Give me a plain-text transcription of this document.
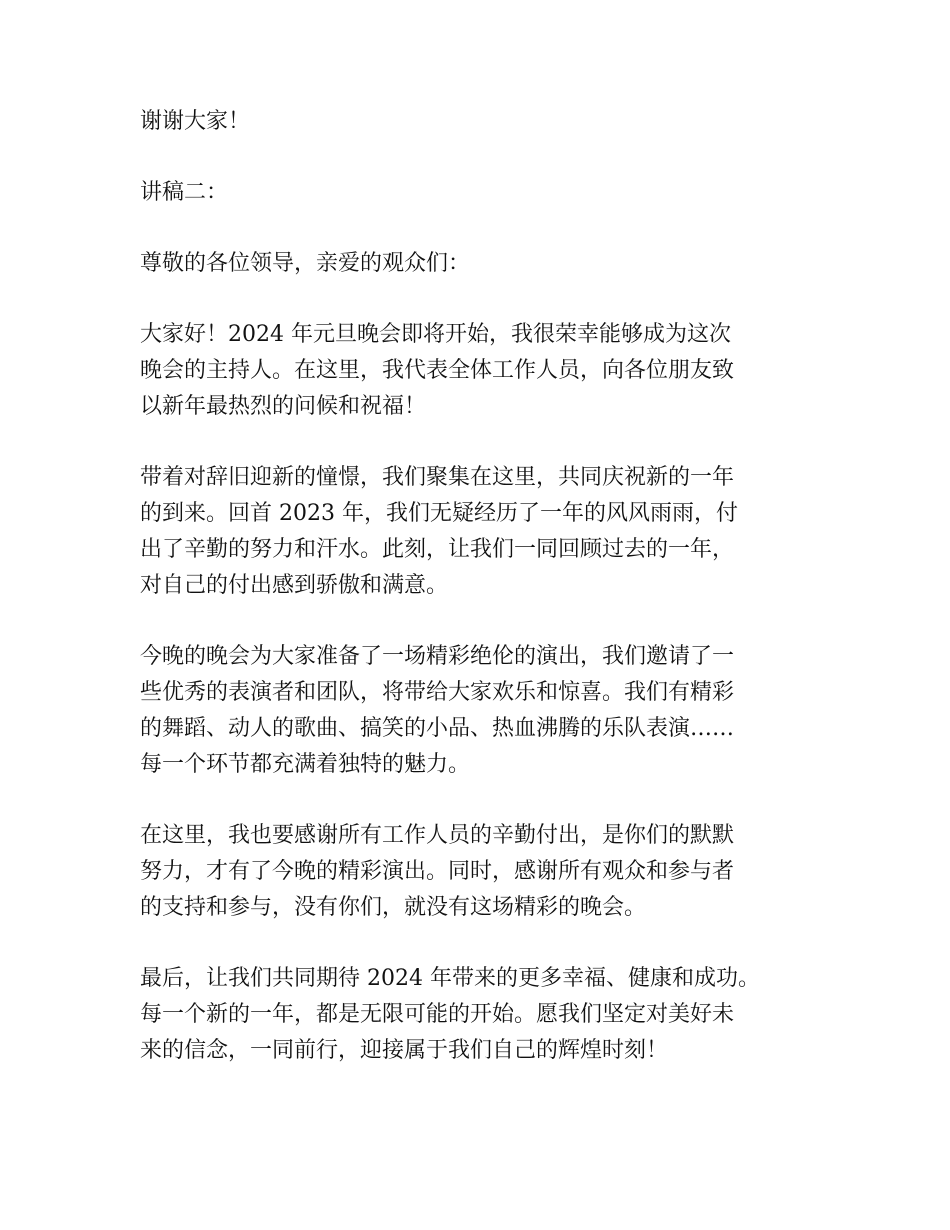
谢谢大家！
讲稿二：
尊敬的各位领导，亲爱的观众们：
大家好！2024 年元旦晚会即将开始，我很荣幸能够成为这次
晚会的主持人。在这里，我代表全体工作人员，向各位朋友致
以新年最热烈的问候和祝福！
带着对辞旧迎新的憧憬，我们聚集在这里，共同庆祝新的一年
的到来。回首 2023 年，我们无疑经历了一年的风风雨雨，付
出了辛勤的努力和汗水。此刻，让我们一同回顾过去的一年，
对自己的付出感到骄傲和满意。
今晚的晚会为大家准备了一场精彩绝伦的演出，我们邀请了一
些优秀的表演者和团队，将带给大家欢乐和惊喜。我们有精彩
的舞蹈、动人的歌曲、搞笑的小品、热血沸腾的乐队表演……
每一个环节都充满着独特的魅力。
在这里，我也要感谢所有工作人员的辛勤付出，是你们的默默
努力，才有了今晚的精彩演出。同时，感谢所有观众和参与者
的支持和参与，没有你们，就没有这场精彩的晚会。
最后，让我们共同期待 2024 年带来的更多幸福、健康和成功。
每一个新的一年，都是无限可能的开始。愿我们坚定对美好未
来的信念，一同前行，迎接属于我们自己的辉煌时刻！
